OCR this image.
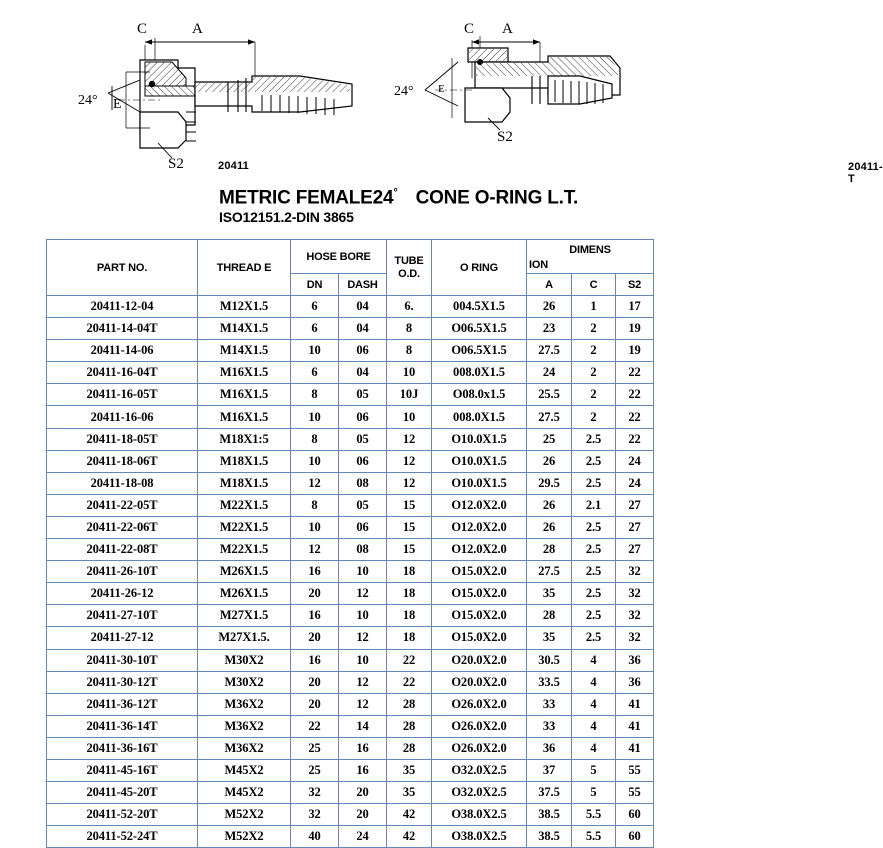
C	A
24° E
S2	20411
C A
24° E
S2
20411-T
METRIC FEMALE24° CONE O-RING L.T.
ISO12151.2-DIN 3865
PART NO.	THREAD E	HOSE BORE		TUBE
O.D.	O RING	DIMENS
ION		

		DN	DASH			A	C	S2
20411-12-04	M12X1.5	6	04	6.	004.5X1.5	26	1	17
20411-14-04T	M14X1.5	6	04	8	O06.5X1.5	23	2	19
20411-14-06	M14X1.5	10	06	8	O06.5X1.5	27.5	2	19
20411-16-04T	M16X1.5	6	04	10	008.0X1.5	24	2	22
20411-16-05T	M16X1.5	8	05	10J	O08.0x1.5	25.5	2	22
20411-16-06	M16X1.5	10	06	10	008.0X1.5	27.5	2	22
20411-18-05T	M18X1:5	8	05	12	O10.0X1.5	25	2.5	22
20411-18-06T	M18X1.5	10	06	12	O10.0X1.5	26	2.5	24
20411-18-08	M18X1.5	12	08	12	O10.0X1.5	29.5	2.5	24
20411-22-05T	M22X1.5	8	05	15	O12.0X2.0	26	2.1	27
20411-22-06T	M22X1.5	10	06	15	O12.0X2.0	26	2.5	27
20411-22-08T	M22X1.5	12	08	15	O12.0X2.0	28	2.5	27
20411-26-10T	M26X1.5	16	10	18	O15.0X2.0	27.5	2.5	32
20411-26-12	M26X1.5	20	12	18	O15.0X2.0	35	2.5	32
20411-27-10T	M27X1.5	16	10	18	O15.0X2.0	28	2.5	32
20411-27-12	M27X1.5.	20	12	18	O15.0X2.0	35	2.5	32
20411-30-10T	M30X2	16	10	22	O20.0X2.0	30.5	4	36
20411-30-12T	M30X2	20	12	22	O20.0X2.0	33.5	4	36
20411-36-12T	M36X2	20	12	28	O26.0X2.0	33	4	41
20411-36-14T	M36X2	22	14	28	O26.0X2.0	33	4	41
20411-36-16T	M36X2	25	16	28	O26.0X2.0	36	4	41
20411-45-16T	M45X2	25	16	35	O32.0X2.5	37	5	55
20411-45-20T	M45X2	32	20	35	O32.0X2.5	37.5	5	55
20411-52-20T	M52X2	32	20	42	O38.0X2.5	38.5	5.5	60
20411-52-24T	M52X2	40	24	42	O38.0X2.5	38.5	5.5	60
